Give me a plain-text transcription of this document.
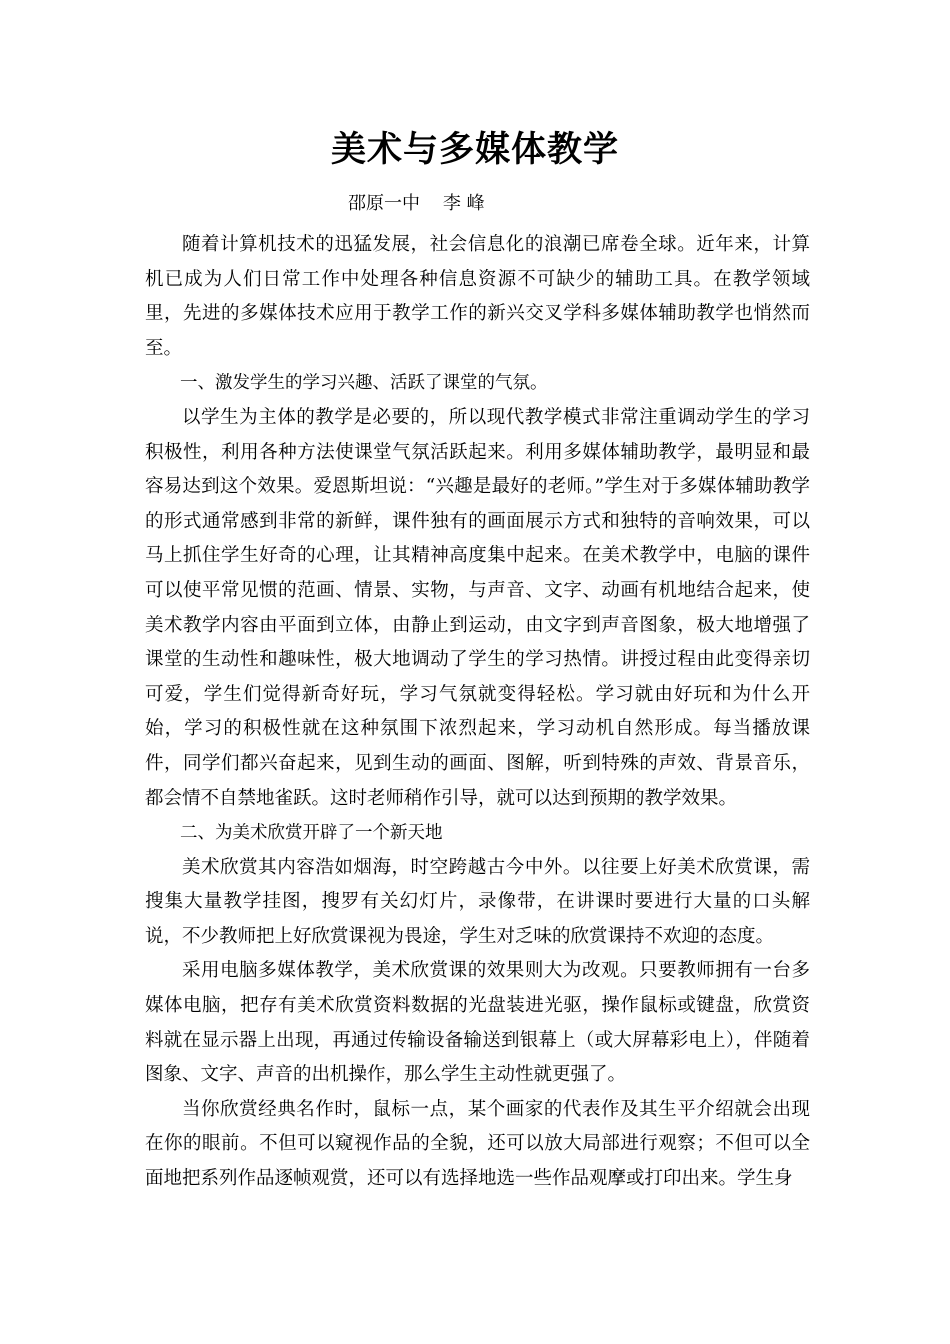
美术与多媒体教学
邵原一中    李 峰

随着计算机技术的迅猛发展，社会信息化的浪潮已席卷全球。近年来，计算机已成为人们日常工作中处理各种信息资源不可缺少的辅助工具。在教学领域里，先进的多媒体技术应用于教学工作的新兴交叉学科多媒体辅助教学也悄然而至。

一、激发学生的学习兴趣、活跃了课堂的气氛。

以学生为主体的教学是必要的，所以现代教学模式非常注重调动学生的学习积极性，利用各种方法使课堂气氛活跃起来。利用多媒体辅助教学，最明显和最容易达到这个效果。爱恩斯坦说：“兴趣是最好的老师。”学生对于多媒体辅助教学的形式通常感到非常的新鲜，课件独有的画面展示方式和独特的音响效果，可以马上抓住学生好奇的心理，让其精神高度集中起来。在美术教学中，电脑的课件可以使平常见惯的范画、情景、实物，与声音、文字、动画有机地结合起来，使美术教学内容由平面到立体，由静止到运动，由文字到声音图象，极大地增强了课堂的生动性和趣味性，极大地调动了学生的学习热情。讲授过程由此变得亲切可爱，学生们觉得新奇好玩，学习气氛就变得轻松。学习就由好玩和为什么开始，学习的积极性就在这种氛围下浓烈起来，学习动机自然形成。每当播放课件，同学们都兴奋起来，见到生动的画面、图解，听到特殊的声效、背景音乐，都会情不自禁地雀跃。这时老师稍作引导，就可以达到预期的教学效果。

二、为美术欣赏开辟了一个新天地

美术欣赏其内容浩如烟海，时空跨越古今中外。以往要上好美术欣赏课，需搜集大量教学挂图，搜罗有关幻灯片，录像带，在讲课时要进行大量的口头解说，不少教师把上好欣赏课视为畏途，学生对乏味的欣赏课持不欢迎的态度。

采用电脑多媒体教学，美术欣赏课的效果则大为改观。只要教师拥有一台多媒体电脑，把存有美术欣赏资料数据的光盘装进光驱，操作鼠标或键盘，欣赏资料就在显示器上出现，再通过传输设备输送到银幕上（或大屏幕彩电上），伴随着图象、文字、声音的出机操作，那么学生主动性就更强了。

当你欣赏经典名作时，鼠标一点，某个画家的代表作及其生平介绍就会出现在你的眼前。不但可以窥视作品的全貌，还可以放大局部进行观察；不但可以全面地把系列作品逐帧观赏，还可以有选择地选一些作品观摩或打印出来。学生身
